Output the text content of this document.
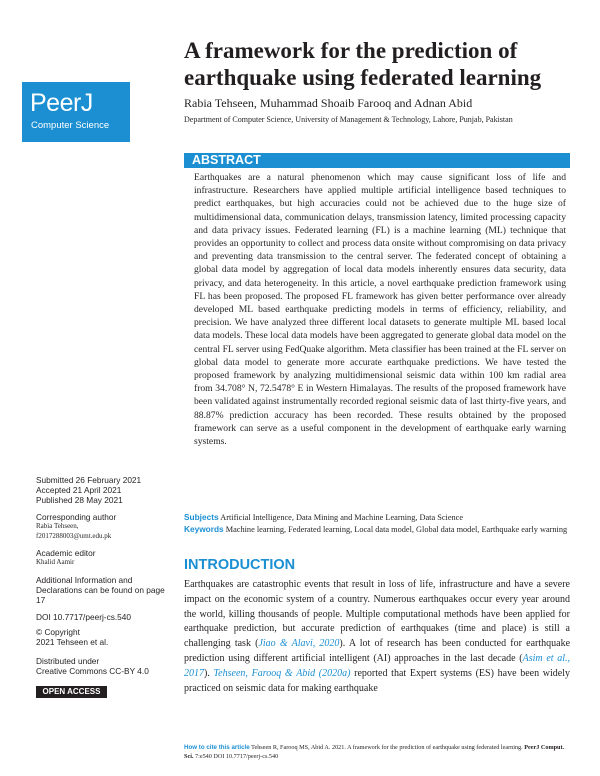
PeerJ
Computer Science
A framework for the prediction of earthquake using federated learning
Rabia Tehseen, Muhammad Shoaib Farooq and Adnan Abid
Department of Computer Science, University of Management & Technology, Lahore, Punjab, Pakistan
ABSTRACT
Earthquakes are a natural phenomenon which may cause significant loss of life and infrastructure. Researchers have applied multiple artificial intelligence based techniques to predict earthquakes, but high accuracies could not be achieved due to the huge size of multidimensional data, communication delays, transmission latency, limited processing capacity and data privacy issues. Federated learning (FL) is a machine learning (ML) technique that provides an opportunity to collect and process data onsite without compromising on data privacy and preventing data transmission to the central server. The federated concept of obtaining a global data model by aggregation of local data models inherently ensures data security, data privacy, and data heterogeneity. In this article, a novel earthquake prediction framework using FL has been proposed. The proposed FL framework has given better performance over already developed ML based earthquake predicting models in terms of efficiency, reliability, and precision. We have analyzed three different local datasets to generate multiple ML based local data models. These local data models have been aggregated to generate global data model on the central FL server using FedQuake algorithm. Meta classifier has been trained at the FL server on global data model to generate more accurate earthquake predictions. We have tested the proposed framework by analyzing multidimensional seismic data within 100 km radial area from 34.708° N, 72.5478° E in Western Himalayas. The results of the proposed framework have been validated against instrumentally recorded regional seismic data of last thirty-five years, and 88.87% prediction accuracy has been recorded. These results obtained by the proposed framework can serve as a useful component in the development of earthquake early warning systems.
Subjects Artificial Intelligence, Data Mining and Machine Learning, Data Science
Keywords Machine learning, Federated learning, Local data model, Global data model, Earthquake early warning
INTRODUCTION
Earthquakes are catastrophic events that result in loss of life, infrastructure and have a severe impact on the economic system of a country. Numerous earthquakes occur every year around the world, killing thousands of people. Multiple computational methods have been applied for earthquake prediction, but accurate prediction of earthquakes (time and place) is still a challenging task (Jiao & Alavi, 2020). A lot of research has been conducted for earthquake prediction using different artificial intelligent (AI) approaches in the last decade (Asim et al., 2017). Tehseen, Farooq & Abid (2020a) reported that Expert systems (ES) have been widely practiced on seismic data for making earthquake
Submitted 26 February 2021
Accepted 21 April 2021
Published 28 May 2021
Corresponding author
Rabia Tehseen,
f2017288003@umt.edu.pk
Academic editor
Khalid Aamir
Additional Information and Declarations can be found on page 17
DOI 10.7717/peerj-cs.540
© Copyright
2021 Tehseen et al.
Distributed under
Creative Commons CC-BY 4.0
OPEN ACCESS
How to cite this article Tehseen R, Farooq MS, Abid A. 2021. A framework for the prediction of earthquake using federated learning. PeerJ Comput. Sci. 7:e540 DOI 10.7717/peerj-cs.540
